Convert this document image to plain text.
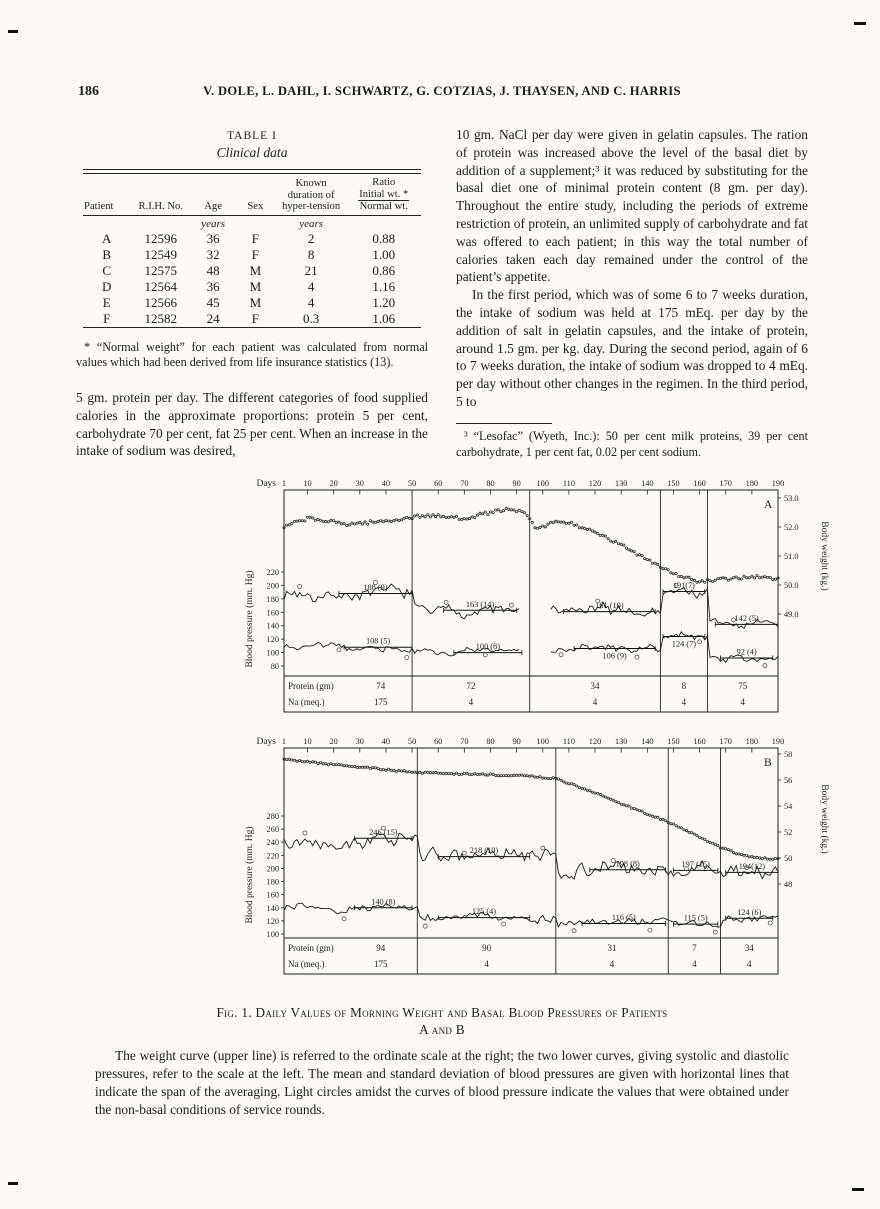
186	V. DOLE, L. DAHL, I. SCHWARTZ, G. COTZIAS, J. THAYSEN, AND C. HARRIS
TABLE I
Clinical data
Patient	R.I.H. No.	Age	Sex	Known duration of hyper-tension	Ratio
Initial wt. *
Normal wt.

		years		years	
A	12596	36	F	2	0.88
B	12549	32	F	8	1.00
C	12575	48	M	21	0.86
D	12564	36	M	4	1.16
E	12566	45	M	4	1.20
F	12582	24	F	0.3	1.06
* “Normal weight” for each patient was calculated from normal values which had been derived from life insurance statistics (13).
5 gm. protein per day. The different categories of food supplied calories in the approximate proportions: protein 5 per cent, carbohydrate 70 per cent, fat 25 per cent. When an increase in the intake of sodium was desired,
10 gm. NaCl per day were given in gelatin capsules. The ration of protein was increased above the level of the basal diet by addition of a supplement;³ it was reduced by substituting for the basal diet one of minimal protein content (8 gm. per day). Throughout the entire study, including the periods of extreme restriction of protein, an unlimited supply of carbohydrate and fat was offered to each patient; in this way the total number of calories taken each day remained under the control of the patient’s appetite.
In the first period, which was of some 6 to 7 weeks duration, the intake of sodium was held at 175 mEq. per day by the addition of salt in gelatin capsules, and the intake of protein, around 1.5 gm. per kg. day. During the second period, again of 6 to 7 weeks duration, the intake of sodium was dropped to 4 mEq. per day without other changes in the regimen. In the third period, 5 to
³ “Lesofac” (Wyeth, Inc.): 50 per cent milk proteins, 39 per cent carbohydrate, 1 per cent fat, 0.02 per cent sodium.
Days 1 10 20 30 40 50 60 70 80 90 100 110 120 130 140 150 160 170 180 190
220
200
180
160
140
120
100
80
Blood pressure (mm. Hg)
53.0
52.0
51.0
50.0
49.0
Body weight (kg.)
A
Protein (gm)
Na (meq.)
74	72	34	8	75
175	4	4	4	4
188 (9)
163 (14)	161 (10)
191(7)
142 (5)
108 (5)
100 (8)
106 (9)
124 (7)
92 (4)
Days 1 10 20 30 40 50 60 70 80 90 100 110 120 130 140 150 160 170 180 190
280
260
240
220
200
180
160
140
120
100
Blood pressure (mm. Hg)
58
56
54
52
50
48
Body weight (kg.)
B
Protein (gm)
Na (meq.)
94	90	31	7	34
175	4	4	4	4
246 (15)
218 (10)
198 (8)	197 (15)	194(12)
140 (8)
125 (4)
116 (5)	115 (5)
124 (6)
Fig. 1. Daily Values of Morning Weight and Basal Blood Pressures of Patients
A and B
The weight curve (upper line) is referred to the ordinate scale at the right; the two lower curves, giving systolic and diastolic pressures, refer to the scale at the left. The mean and standard deviation of blood pressures are given with horizontal lines that indicate the span of the averaging. Light circles amidst the curves of blood pressure indicate the values that were obtained under the non-basal conditions of service rounds.
